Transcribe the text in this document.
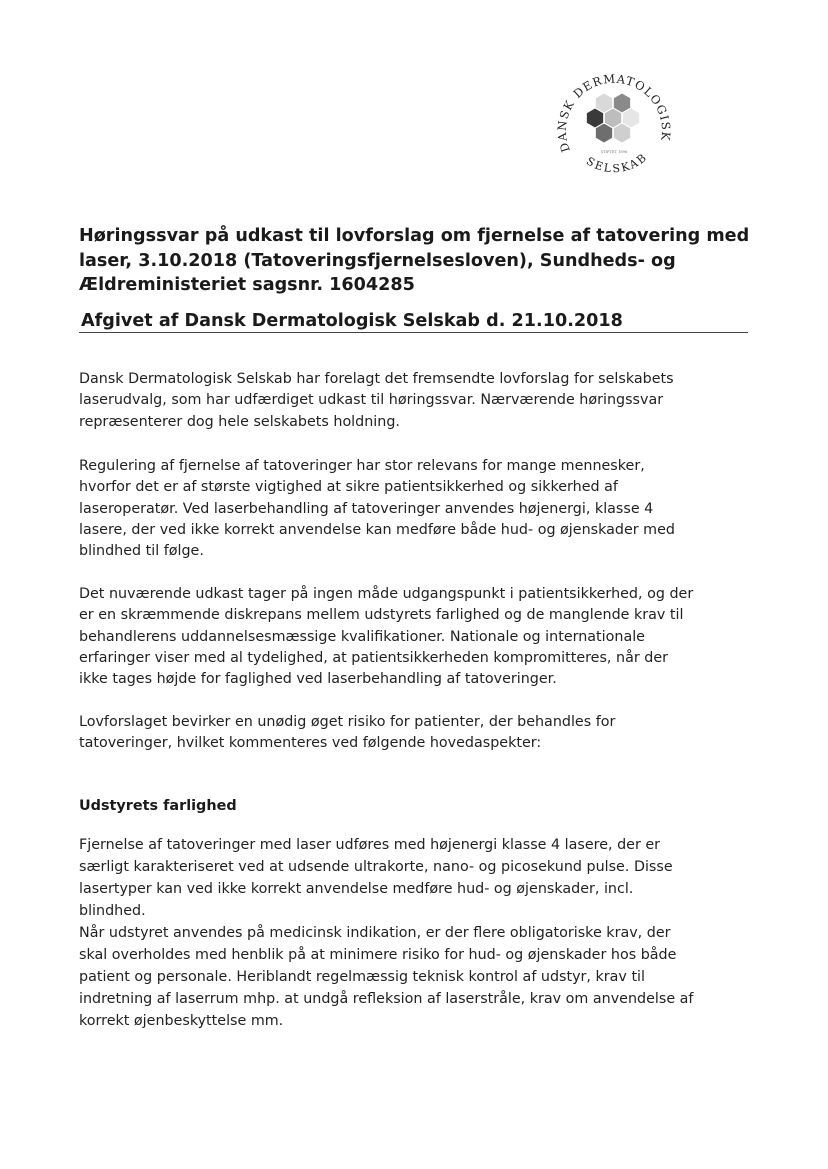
DANSK DERMATOLOGISK
SELSKAB
STIFTET 1896
Høringssvar på udkast til lovforslag om fjernelse af tatovering med
laser, 3.10.2018 (Tatoveringsfjernelsesloven), Sundheds- og
Ældreministeriet sagsnr. 1604285
Afgivet af Dansk Dermatologisk Selskab d. 21.10.2018
Dansk Dermatologisk Selskab har forelagt det fremsendte lovforslag for selskabets
laserudvalg, som har udfærdiget udkast til høringssvar. Nærværende høringssvar
repræsenterer dog hele selskabets holdning.
Regulering af fjernelse af tatoveringer har stor relevans for mange mennesker,
hvorfor det er af største vigtighed at sikre patientsikkerhed og sikkerhed af
laseroperatør. Ved laserbehandling af tatoveringer anvendes højenergi, klasse 4
lasere, der ved ikke korrekt anvendelse kan medføre både hud- og øjenskader med
blindhed til følge.
Det nuværende udkast tager på ingen måde udgangspunkt i patientsikkerhed, og der
er en skræmmende diskrepans mellem udstyrets farlighed og de manglende krav til
behandlerens uddannelsesmæssige kvalifikationer. Nationale og internationale
erfaringer viser med al tydelighed, at patientsikkerheden kompromitteres, når der
ikke tages højde for faglighed ved laserbehandling af tatoveringer.
Lovforslaget bevirker en unødig øget risiko for patienter, der behandles for
tatoveringer, hvilket kommenteres ved følgende hovedaspekter:
Udstyrets farlighed
Fjernelse af tatoveringer med laser udføres med højenergi klasse 4 lasere, der er
særligt karakteriseret ved at udsende ultrakorte, nano- og picosekund pulse. Disse
lasertyper kan ved ikke korrekt anvendelse medføre hud- og øjenskader, incl.
blindhed.
Når udstyret anvendes på medicinsk indikation, er der flere obligatoriske krav, der
skal overholdes med henblik på at minimere risiko for hud- og øjenskader hos både
patient og personale. Heriblandt regelmæssig teknisk kontrol af udstyr, krav til
indretning af laserrum mhp. at undgå refleksion af laserstråle, krav om anvendelse af
korrekt øjenbeskyttelse mm.
